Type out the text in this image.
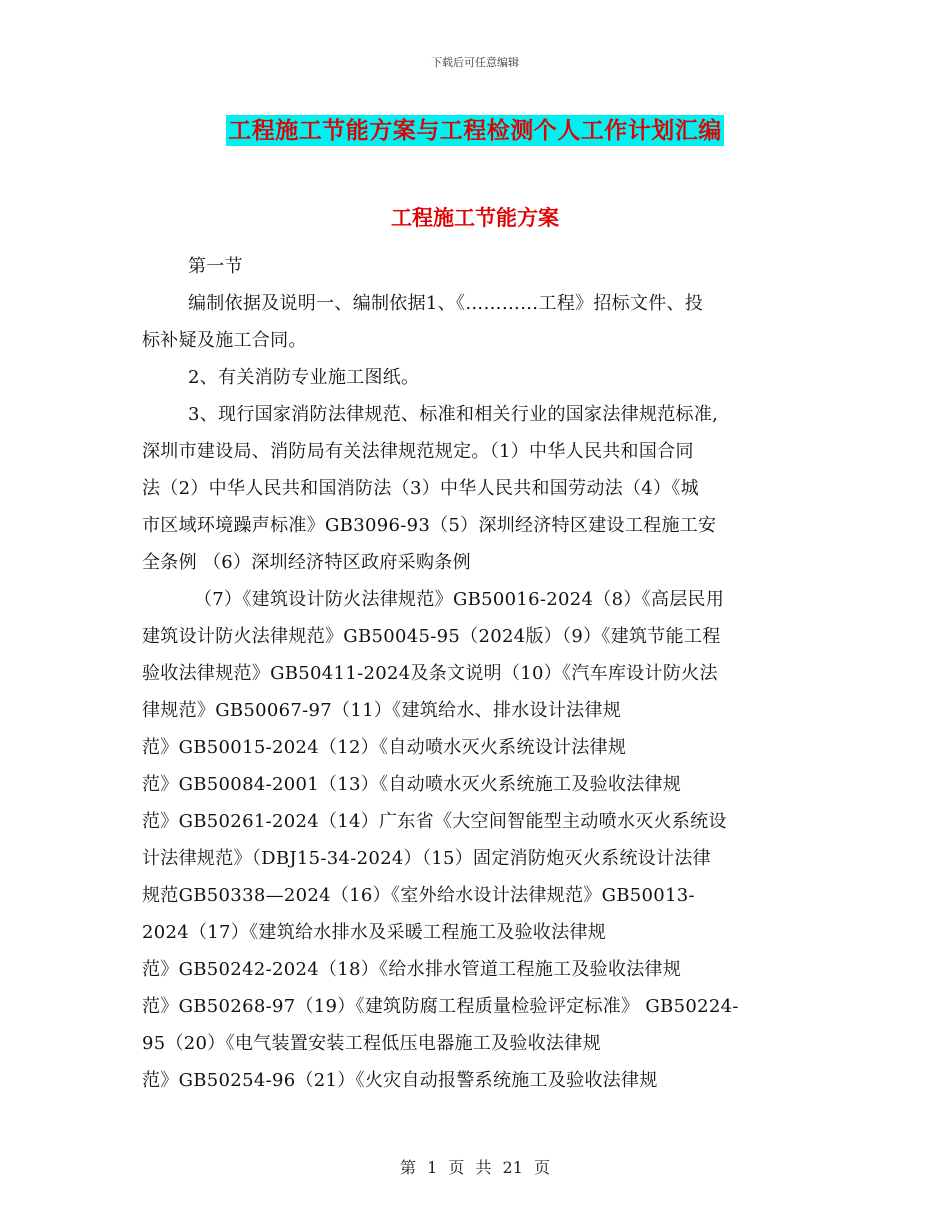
下载后可任意编辑
工程施工节能方案与工程检测个人工作计划汇编
工程施工节能方案
第一节
编制依据及说明一、编制依据1、《…………工程》招标文件、投
标补疑及施工合同。
2、有关消防专业施工图纸。
3、现行国家消防法律规范、标准和相关行业的国家法律规范标准,
深圳市建设局、消防局有关法律规范规定。（1）中华人民共和国合同
法（2）中华人民共和国消防法（3）中华人民共和国劳动法（4）《城
市区域环境躁声标准》GB3096-93（5）深圳经济特区建设工程施工安
全条例 （6）深圳经济特区政府采购条例
（7）《建筑设计防火法律规范》GB50016-2024（8）《高层民用
建筑设计防火法律规范》GB50045-95（2024版）（9）《建筑节能工程
验收法律规范》GB50411-2024及条文说明（10）《汽车库设计防火法
律规范》GB50067-97（11）《建筑给水、排水设计法律规
范》GB50015-2024（12）《自动喷水灭火系统设计法律规
范》GB50084-2001（13）《自动喷水灭火系统施工及验收法律规
范》GB50261-2024（14）广东省《大空间智能型主动喷水灭火系统设
计法律规范》（DBJ15-34-2024）（15）固定消防炮灭火系统设计法律
规范GB50338—2024（16）《室外给水设计法律规范》GB50013-
2024（17）《建筑给水排水及采暖工程施工及验收法律规
范》GB50242-2024（18）《给水排水管道工程施工及验收法律规
范》GB50268-97（19）《建筑防腐工程质量检验评定标准》 GB50224-
95（20）《电气装置安装工程低压电器施工及验收法律规
范》GB50254-96（21）《火灾自动报警系统施工及验收法律规
第 1 页 共 21 页
